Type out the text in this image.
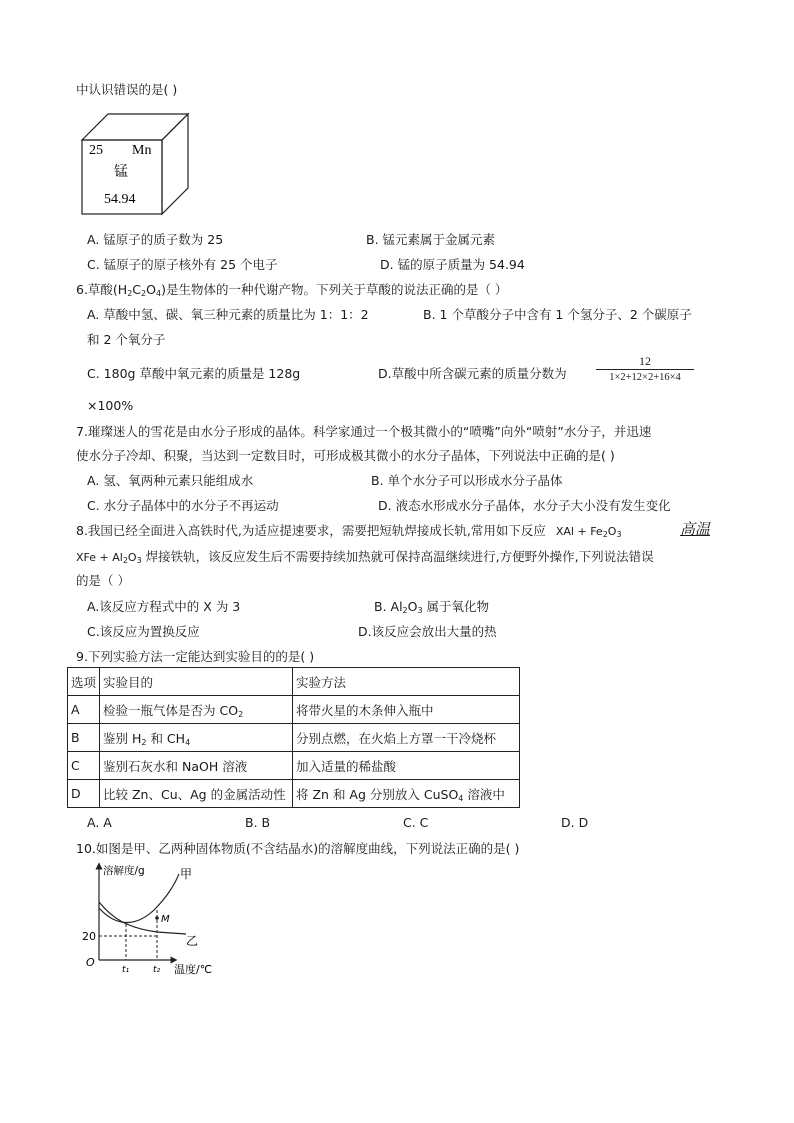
中认识错误的是( )
25 Mn
锰
54.94
A. 锰原子的质子数为 25	B. 锰元素属于金属元素
C. 锰原子的原子核外有 25 个电子	D. 锰的原子质量为 54.94
6.草酸$(H_2C_2O_4)$是生物体的一种代谢产物。下列关于草酸的说法正确的是（ ）
A. 草酸中氢、碳、氧三种元素的质量比为 1：1：2	B. 1 个草酸分子中含有 1 个氢分子、2 个碳原子
和 2 个氧分子
C. 180g 草酸中氧元素的质量是 128g	D.草酸中所含碳元素的质量分数为
12
1×2+12×2+16×4
×100%
7.璀璨迷人的雪花是由水分子形成的晶体。科学家通过一个极其微小的“喷嘴”向外“喷射”水分子，并迅速
使水分子冷却、积聚，当达到一定数目时，可形成极其微小的水分子晶体，下列说法中正确的是( )
A. 氢、氧两种元素只能组成水	B. 单个水分子可以形成水分子晶体
C. 水分子晶体中的水分子不再运动	D. 液态水形成水分子晶体，水分子大小没有发生变化
8.我国已经全面进入高铁时代,为适应提速要求，需要把短轨焊接成长轨,常用如下反应 XAl + $Fe_2O_3$	高温
XFe + $Al_2O_3$ 焊接铁轨，该反应发生后不需要持续加热就可保持高温继续进行,方便野外操作,下列说法错误
的是（ ）
A.该反应方程式中的 X 为 3	B. $Al_2O_3$ 属于氧化物
C.该反应为置换反应	D.该反应会放出大量的热
9.下列实验方法一定能达到实验目的的是( )
选项	实验目的	实验方法
A	检验一瓶气体是否为 $CO_2$	将带火星的木条伸入瓶中
B	鉴别 $H_2$ 和 $CH_4$	分别点燃，在火焰上方罩一干冷烧杯
C	鉴别石灰水和 NaOH 溶液	加入适量的稀盐酸
D	比较 Zn、Cu、Ag 的金属活动性	将 Zn 和 Ag 分别放入 CuSO$_4$ 溶液中
A. A	B. B	C. C	D. D
10.如图是甲、乙两种固体物质(不含结晶水)的溶解度曲线，下列说法正确的是( )
溶解度/g	甲
乙
M
20
O
t₁	t₂ 温度/℃
